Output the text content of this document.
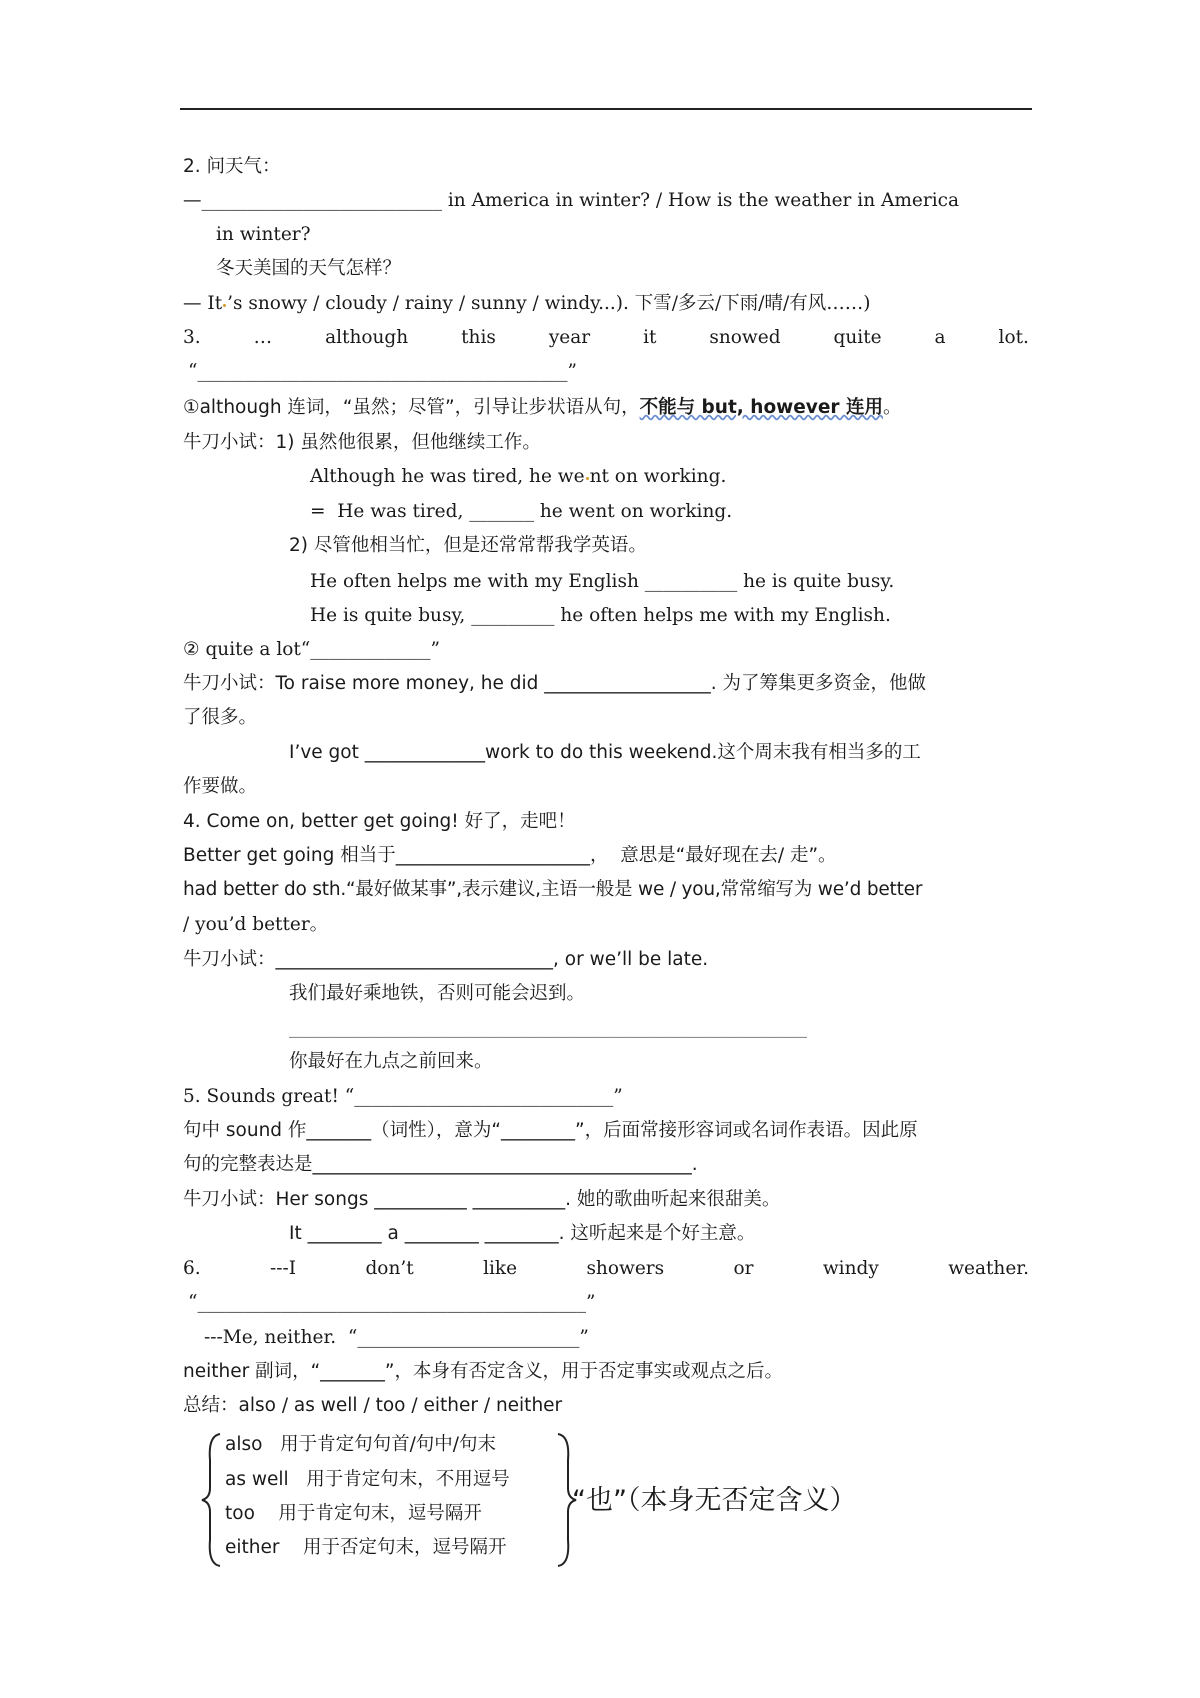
2. 问天气：
—__________________________ in America in winter? / How is the weather in America
in winter?
冬天美国的天气怎样？
— It ’s snowy / cloudy / rainy / sunny / windy...). 下雪/多云/下雨/晴/有风……)
3.	…	although	this	year	it	snowed	quite	a	lot.
“________________________________________”
①although 连词，“虽然；尽管”，引导让步状语从句，不能与 but, however 连用。
牛刀小试：1) 虽然他很累，但他继续工作。
Although he was tired, he we nt on working.
=  He was tired, _______ he went on working.
2) 尽管他相当忙，但是还常常帮我学英语。
He often helps me with my English __________ he is quite busy.
He is quite busy, _________ he often helps me with my English.
② quite a lot“_____________”
牛刀小试：To raise more money, he did __________________. 为了筹集更多资金，他做
了很多。
I’ve got _____________work to do this weekend.这个周末我有相当多的工
作要做。
4. Come on, better get going! 好了，走吧！
Better get going 相当于_____________________，  意思是“最好现在去/ 走”。
had better do sth.“最好做某事”,表示建议,主语一般是 we / you,常常缩写为 we’d better
/ you’d better。
牛刀小试：______________________________, or we’ll be late.
我们最好乘地铁，否则可能会迟到。
________________________________________________________
你最好在九点之前回来。
5. Sounds great! “____________________________”
句中 sound 作_______（词性），意为“________”，后面常接形容词或名词作表语。因此原
句的完整表达是_________________________________________.
牛刀小试：Her songs __________ __________. 她的歌曲听起来很甜美。
It ________ a ________ ________. 这听起来是个好主意。
6.	---I	don’t	like	showers	or	windy	weather.
“__________________________________________”
---Me, neither.  “________________________”
neither 副词，“_______”，本身有否定含义，用于否定事实或观点之后。
总结：also / as well / too / either / neither
also   用于肯定句句首/句中/句末
as well   用于肯定句末，不用逗号
too    用于肯定句末，逗号隔开
either    用于否定句末，逗号隔开
“也”（本身无否定含义）
